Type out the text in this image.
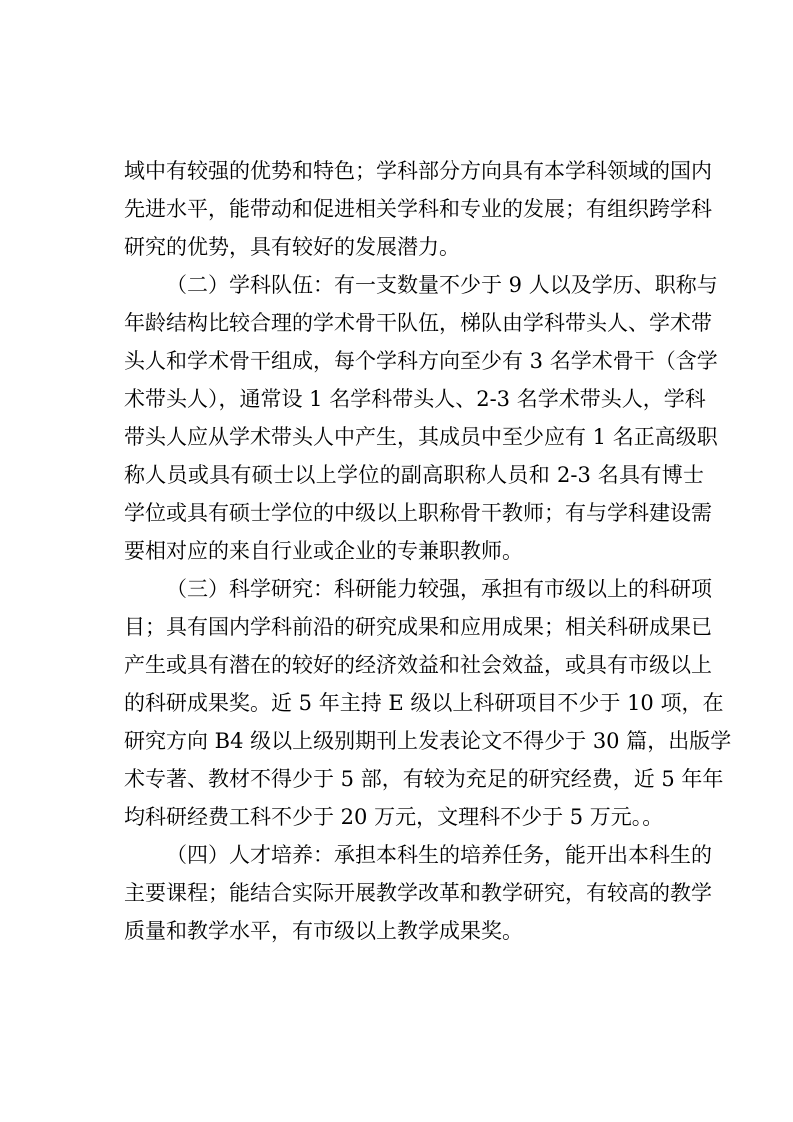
域中有较强的优势和特色；学科部分方向具有本学科领域的国内
先进水平，能带动和促进相关学科和专业的发展；有组织跨学科
研究的优势，具有较好的发展潜力。
（二）学科队伍：有一支数量不少于 9 人以及学历、职称与
年龄结构比较合理的学术骨干队伍，梯队由学科带头人、学术带
头人和学术骨干组成，每个学科方向至少有 3 名学术骨干（含学
术带头人），通常设 1 名学科带头人、2-3 名学术带头人，学科
带头人应从学术带头人中产生，其成员中至少应有 1 名正高级职
称人员或具有硕士以上学位的副高职称人员和 2-3 名具有博士
学位或具有硕士学位的中级以上职称骨干教师；有与学科建设需
要相对应的来自行业或企业的专兼职教师。
（三）科学研究：科研能力较强，承担有市级以上的科研项
目；具有国内学科前沿的研究成果和应用成果；相关科研成果已
产生或具有潜在的较好的经济效益和社会效益，或具有市级以上
的科研成果奖。近 5 年主持 E 级以上科研项目不少于 10 项，在
研究方向 B4 级以上级别期刊上发表论文不得少于 30 篇，出版学
术专著、教材不得少于 5 部，有较为充足的研究经费，近 5 年年
均科研经费工科不少于 20 万元，文理科不少于 5 万元。。
（四）人才培养：承担本科生的培养任务，能开出本科生的
主要课程；能结合实际开展教学改革和教学研究，有较高的教学
质量和教学水平，有市级以上教学成果奖。
